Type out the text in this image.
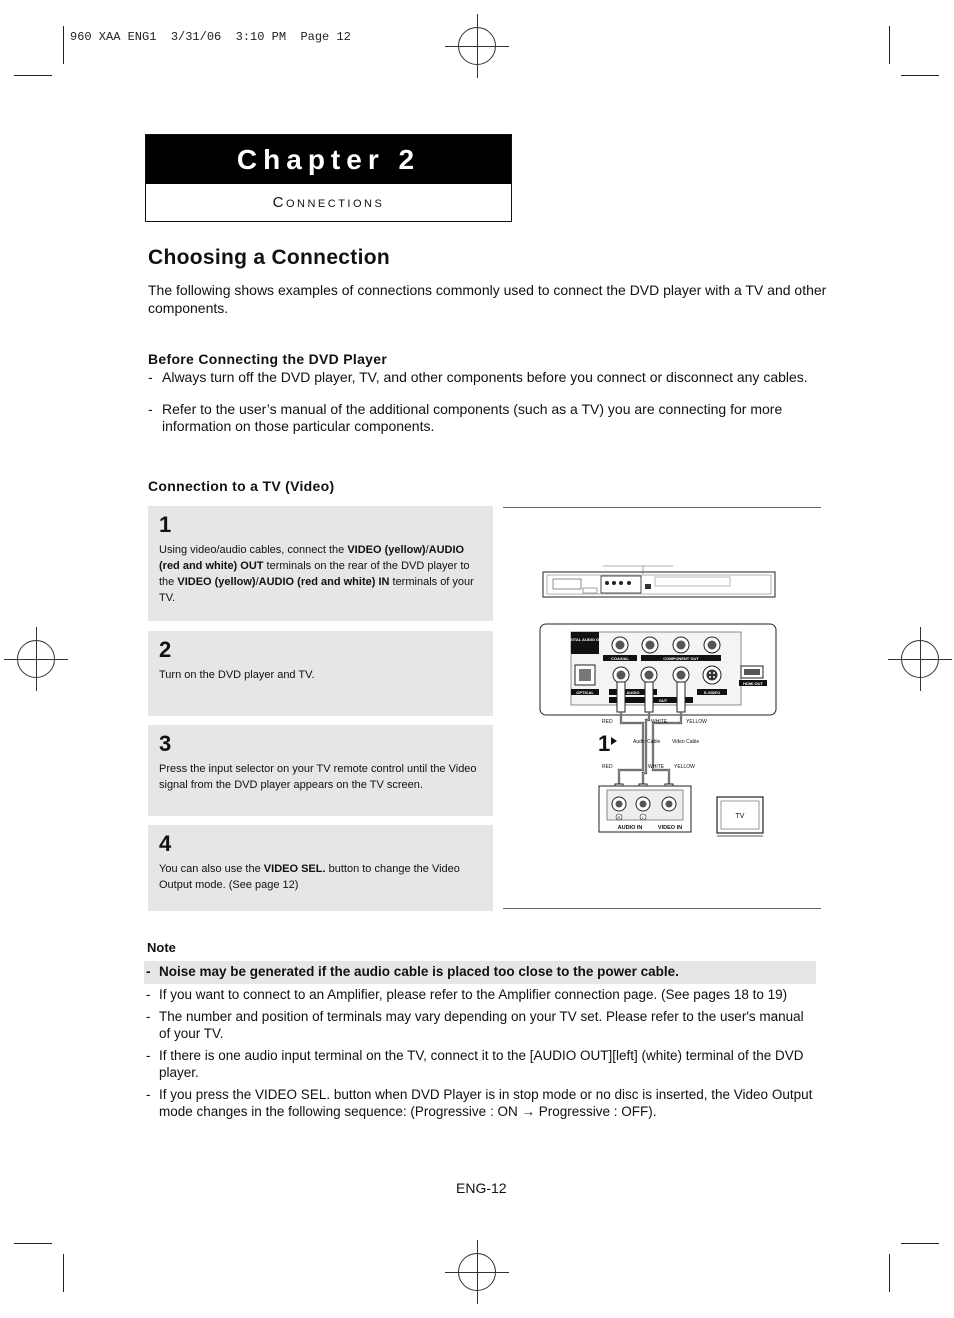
960 XAA ENG1  3/31/06  3:10 PM  Page 12
Chapter 2
Connections
Choosing a Connection
The following shows examples of connections commonly used to connect the DVD player with a TV and other components.
Before Connecting the DVD Player
- Always turn off the DVD player, TV, and other components before you connect or disconnect any cables.
- Refer to the user’s manual of the additional components (such as a TV) you are connecting for more information on those particular components.
Connection to a TV (Video)
1
Using video/audio cables, connect the VIDEO (yellow)/AUDIO (red and white) OUT terminals on the rear of the DVD player to the VIDEO (yellow)/AUDIO (red and white) IN terminals of your TV.
2
Turn on the DVD player and TV.
3
Press the input selector on your TV remote control until the Video signal from the DVD player appears on the TV screen.
4
You can also use the VIDEO SEL. button to change the Video Output mode. (See page 12)
DIGITAL AUDIO OUT
COAXIAL	COMPONENT OUT
OPTICAL	AUDIO
OUT
S-VIDEO
HDMI OUT
RED	WHITE	YELLOW
1	Audio Cable Video Cable
RED	WHITE YELLOW
R	L
AUDIO IN	VIDEO IN
TV
Note
- Noise may be generated if the audio cable is placed too close to the power cable.
- If you want to connect to an Amplifier, please refer to the Amplifier connection page. (See pages 18 to 19)
- The number and position of terminals may vary depending on your TV set. Please refer to the user's manual of your TV.
- If there is one audio input terminal on the TV, connect it to the [AUDIO OUT][left] (white) terminal of the DVD player.
- If you press the VIDEO SEL. button when DVD Player is in stop mode or no disc is inserted, the Video Output mode changes in the following sequence: (Progressive : ON → Progressive : OFF).
ENG-12
